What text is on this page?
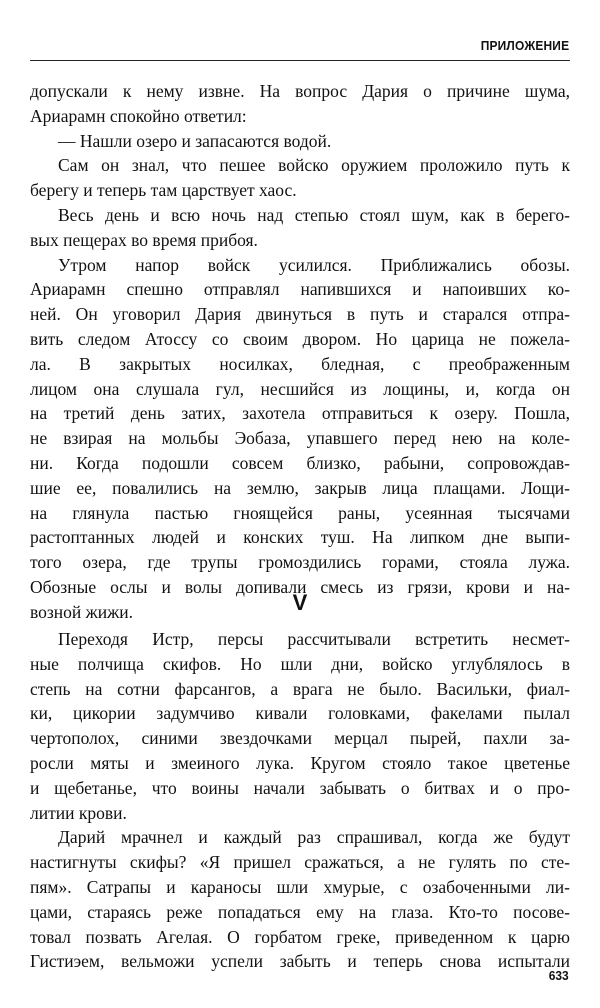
ПРИЛОЖЕНИЕ
допускали к нему извне. На вопрос Дария о причине шума,
Ариарамн спокойно ответил:
— Нашли озеро и запасаются водой.
Сам он знал, что пешее войско оружием проложило путь к
берегу и теперь там царствует хаос.
Весь день и всю ночь над степью стоял шум, как в берего-
вых пещерах во время прибоя.
Утром напор войск усилился. Приближались обозы.
Ариарамн спешно отправлял напившихся и напоивших ко-
ней. Он уговорил Дария двинуться в путь и старался отпра-
вить следом Атоссу со своим двором. Но царица не пожела-
ла. В закрытых носилках, бледная, с преображенным
лицом она слушала гул, несшийся из лощины, и, когда он
на третий день затих, захотела отправиться к озеру. Пошла,
не взирая на мольбы Эобаза, упавшего перед нею на коле-
ни. Когда подошли совсем близко, рабыни, сопровождав-
шие ее, повалились на землю, закрыв лица плащами. Лощи-
на глянула пастью гноящейся раны, усеянная тысячами
растоптанных людей и конских туш. На липком дне выпи-
того озера, где трупы громоздились горами, стояла лужа.
Обозные ослы и волы допивали смесь из грязи, крови и на-
возной жижи.	V
Переходя Истр, персы рассчитывали встретить несмет-
ные полчища скифов. Но шли дни, войско углублялось в
степь на сотни фарсангов, а врага не было. Васильки, фиал-
ки, цикории задумчиво кивали головками, факелами пылал
чертополох, синими звездочками мерцал пырей, пахли за-
росли мяты и змеиного лука. Кругом стояло такое цветенье
и щебетанье, что воины начали забывать о битвах и о про-
литии крови.
Дарий мрачнел и каждый раз спрашивал, когда же будут
настигнуты скифы? «Я пришел сражаться, а не гулять по сте-
пям». Сатрапы и караносы шли хмурые, с озабоченными ли-
цами, стараясь реже попадаться ему на глаза. Кто-то посове-
товал позвать Агелая. О горбатом греке, приведенном к царю
Гистиэем, вельможи успели забыть и теперь снова испытали
633
